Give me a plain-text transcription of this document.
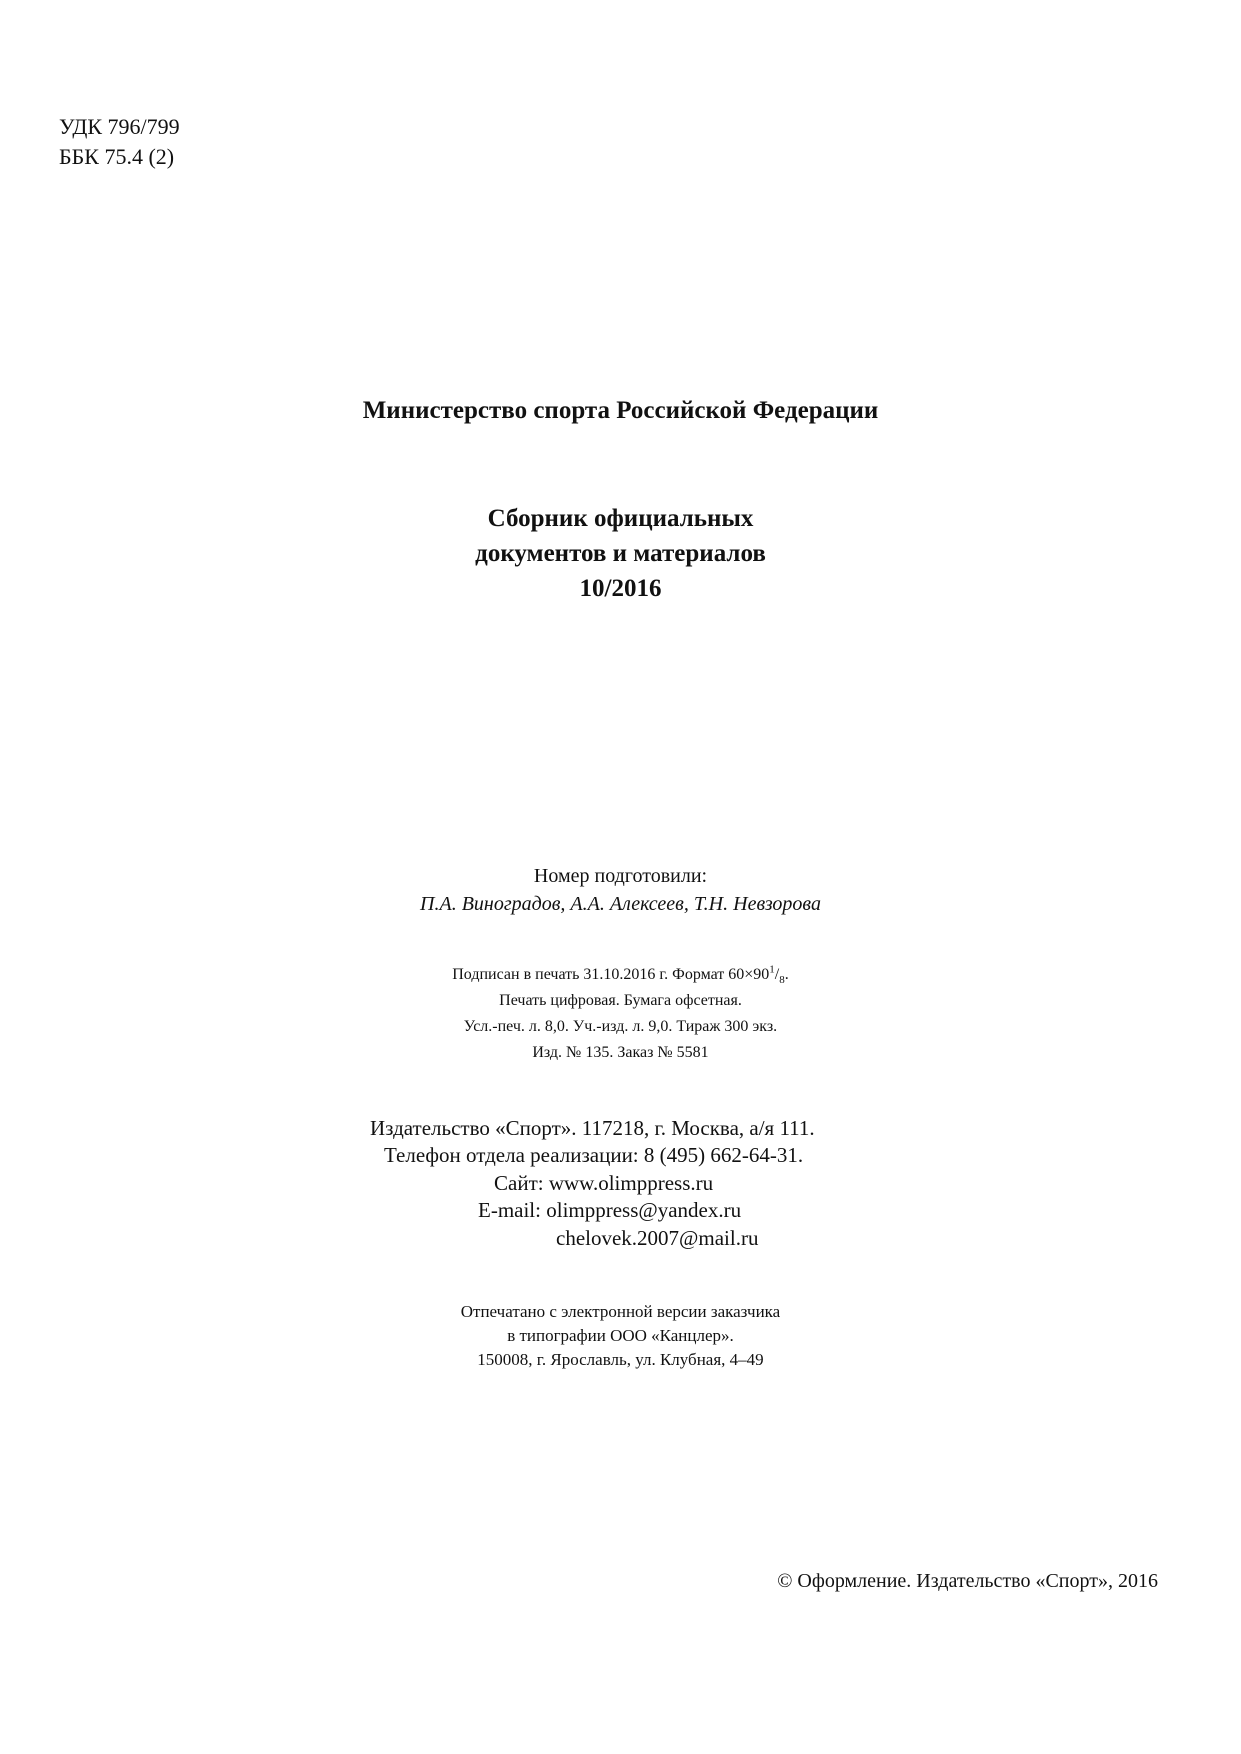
УДК 796/799
ББК 75.4 (2)
Министерство спорта Российской Федерации
Сборник официальных
документов и материалов
10/2016
Номер подготовили:
П.А. Виноградов, А.А. Алексеев, Т.Н. Невзорова
Подписан в печать 31.10.2016 г. Формат $60\times 90^1/_8$.
Печать цифровая. Бумага офсетная.
Усл.-печ. л. 8,0. Уч.-изд. л. 9,0. Тираж 300 экз.
Изд. № 135. Заказ № 5581
Издательство «Спорт». 117218, г. Москва, а/я 111.
Телефон отдела реализации: 8 (495) 662-64-31.
Сайт: www.olimppress.ru
E-mail: olimppress@yandex.ru
chelovek.2007@mail.ru
Отпечатано с электронной версии заказчика
в типографии ООО «Канцлер».
150008, г. Ярославль, ул. Клубная, 4–49
© Оформление. Издательство «Спорт», 2016
